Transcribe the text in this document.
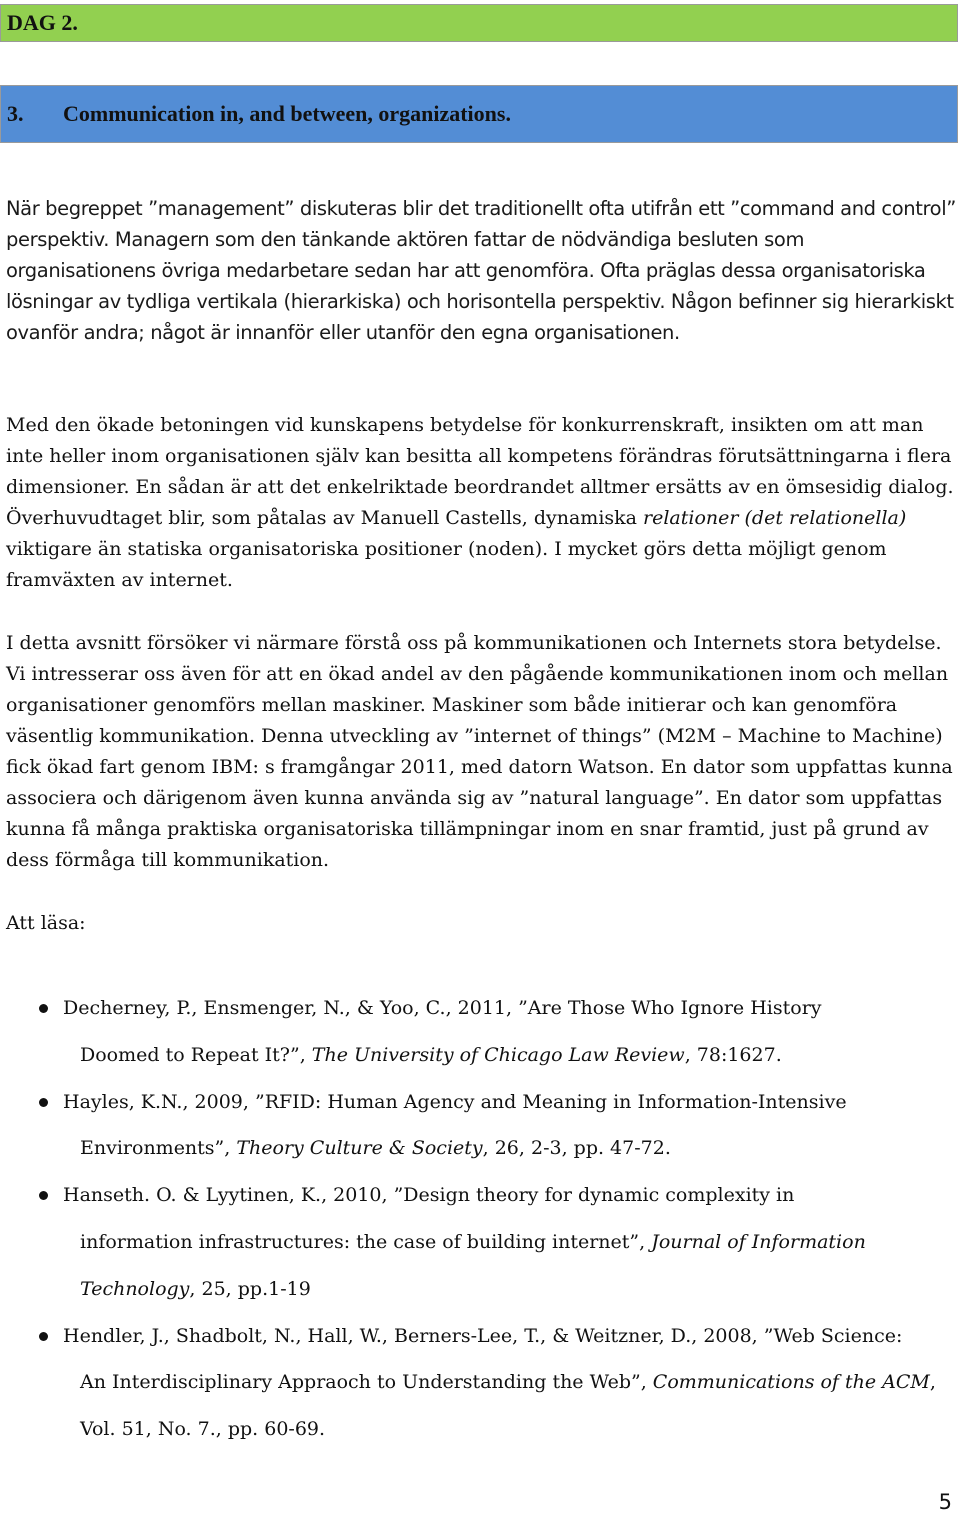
DAG 2.
3. Communication in, and between, organizations.

När begreppet ”management” diskuteras blir det traditionellt ofta utifrån ett ”command and control” perspektiv. Managern som den tänkande aktören fattar de nödvändiga besluten som organisationens övriga medarbetare sedan har att genomföra. Ofta präglas dessa organisatoriska lösningar av tydliga vertikala (hierarkiska) och horisontella perspektiv. Någon befinner sig hierarkiskt ovanför andra; något är innanför eller utanför den egna organisationen.

Med den ökade betoningen vid kunskapens betydelse för konkurrenskraft, insikten om att man inte heller inom organisationen själv kan besitta all kompetens förändras förutsättningarna i flera dimensioner. En sådan är att det enkelriktade beordrandet alltmer ersätts av en ömsesidig dialog. Överhuvudtaget blir, som påtalas av Manuell Castells, dynamiska relationer (det relationella) viktigare än statiska organisatoriska positioner (noden). I mycket görs detta möjligt genom framväxten av internet.

I detta avsnitt försöker vi närmare förstå oss på kommunikationen och Internets stora betydelse. Vi intresserar oss även för att en ökad andel av den pågående kommunikationen inom och mellan organisationer genomförs mellan maskiner. Maskiner som både initierar och kan genomföra väsentlig kommunikation. Denna utveckling av ”internet of things” (M2M – Machine to Machine) fick ökad fart genom IBM: s framgångar 2011, med datorn Watson. En dator som uppfattas kunna associera och därigenom även kunna använda sig av ”natural language”. En dator som uppfattas kunna få många praktiska organisatoriska tillämpningar inom en snar framtid, just på grund av dess förmåga till kommunikation.

Att läsa:

Decherney, P., Ensmenger, N., & Yoo, C., 2011, ”Are Those Who Ignore History
Doomed to Repeat It?”, The University of Chicago Law Review, 78:1627.
Hayles, K.N., 2009, ”RFID: Human Agency and Meaning in Information-Intensive
Environments”, Theory Culture & Society, 26, 2-3, pp. 47-72.
Hanseth. O. & Lyytinen, K., 2010, ”Design theory for dynamic complexity in
information infrastructures: the case of building internet”, Journal of Information Technology, 25, pp.1-19
Hendler, J., Shadbolt, N., Hall, W., Berners-Lee, T., & Weitzner, D., 2008, ”Web Science:
An Interdisciplinary Appraoch to Understanding the Web”, Communications of the ACM, Vol. 51, No. 7., pp. 60-69.
5
